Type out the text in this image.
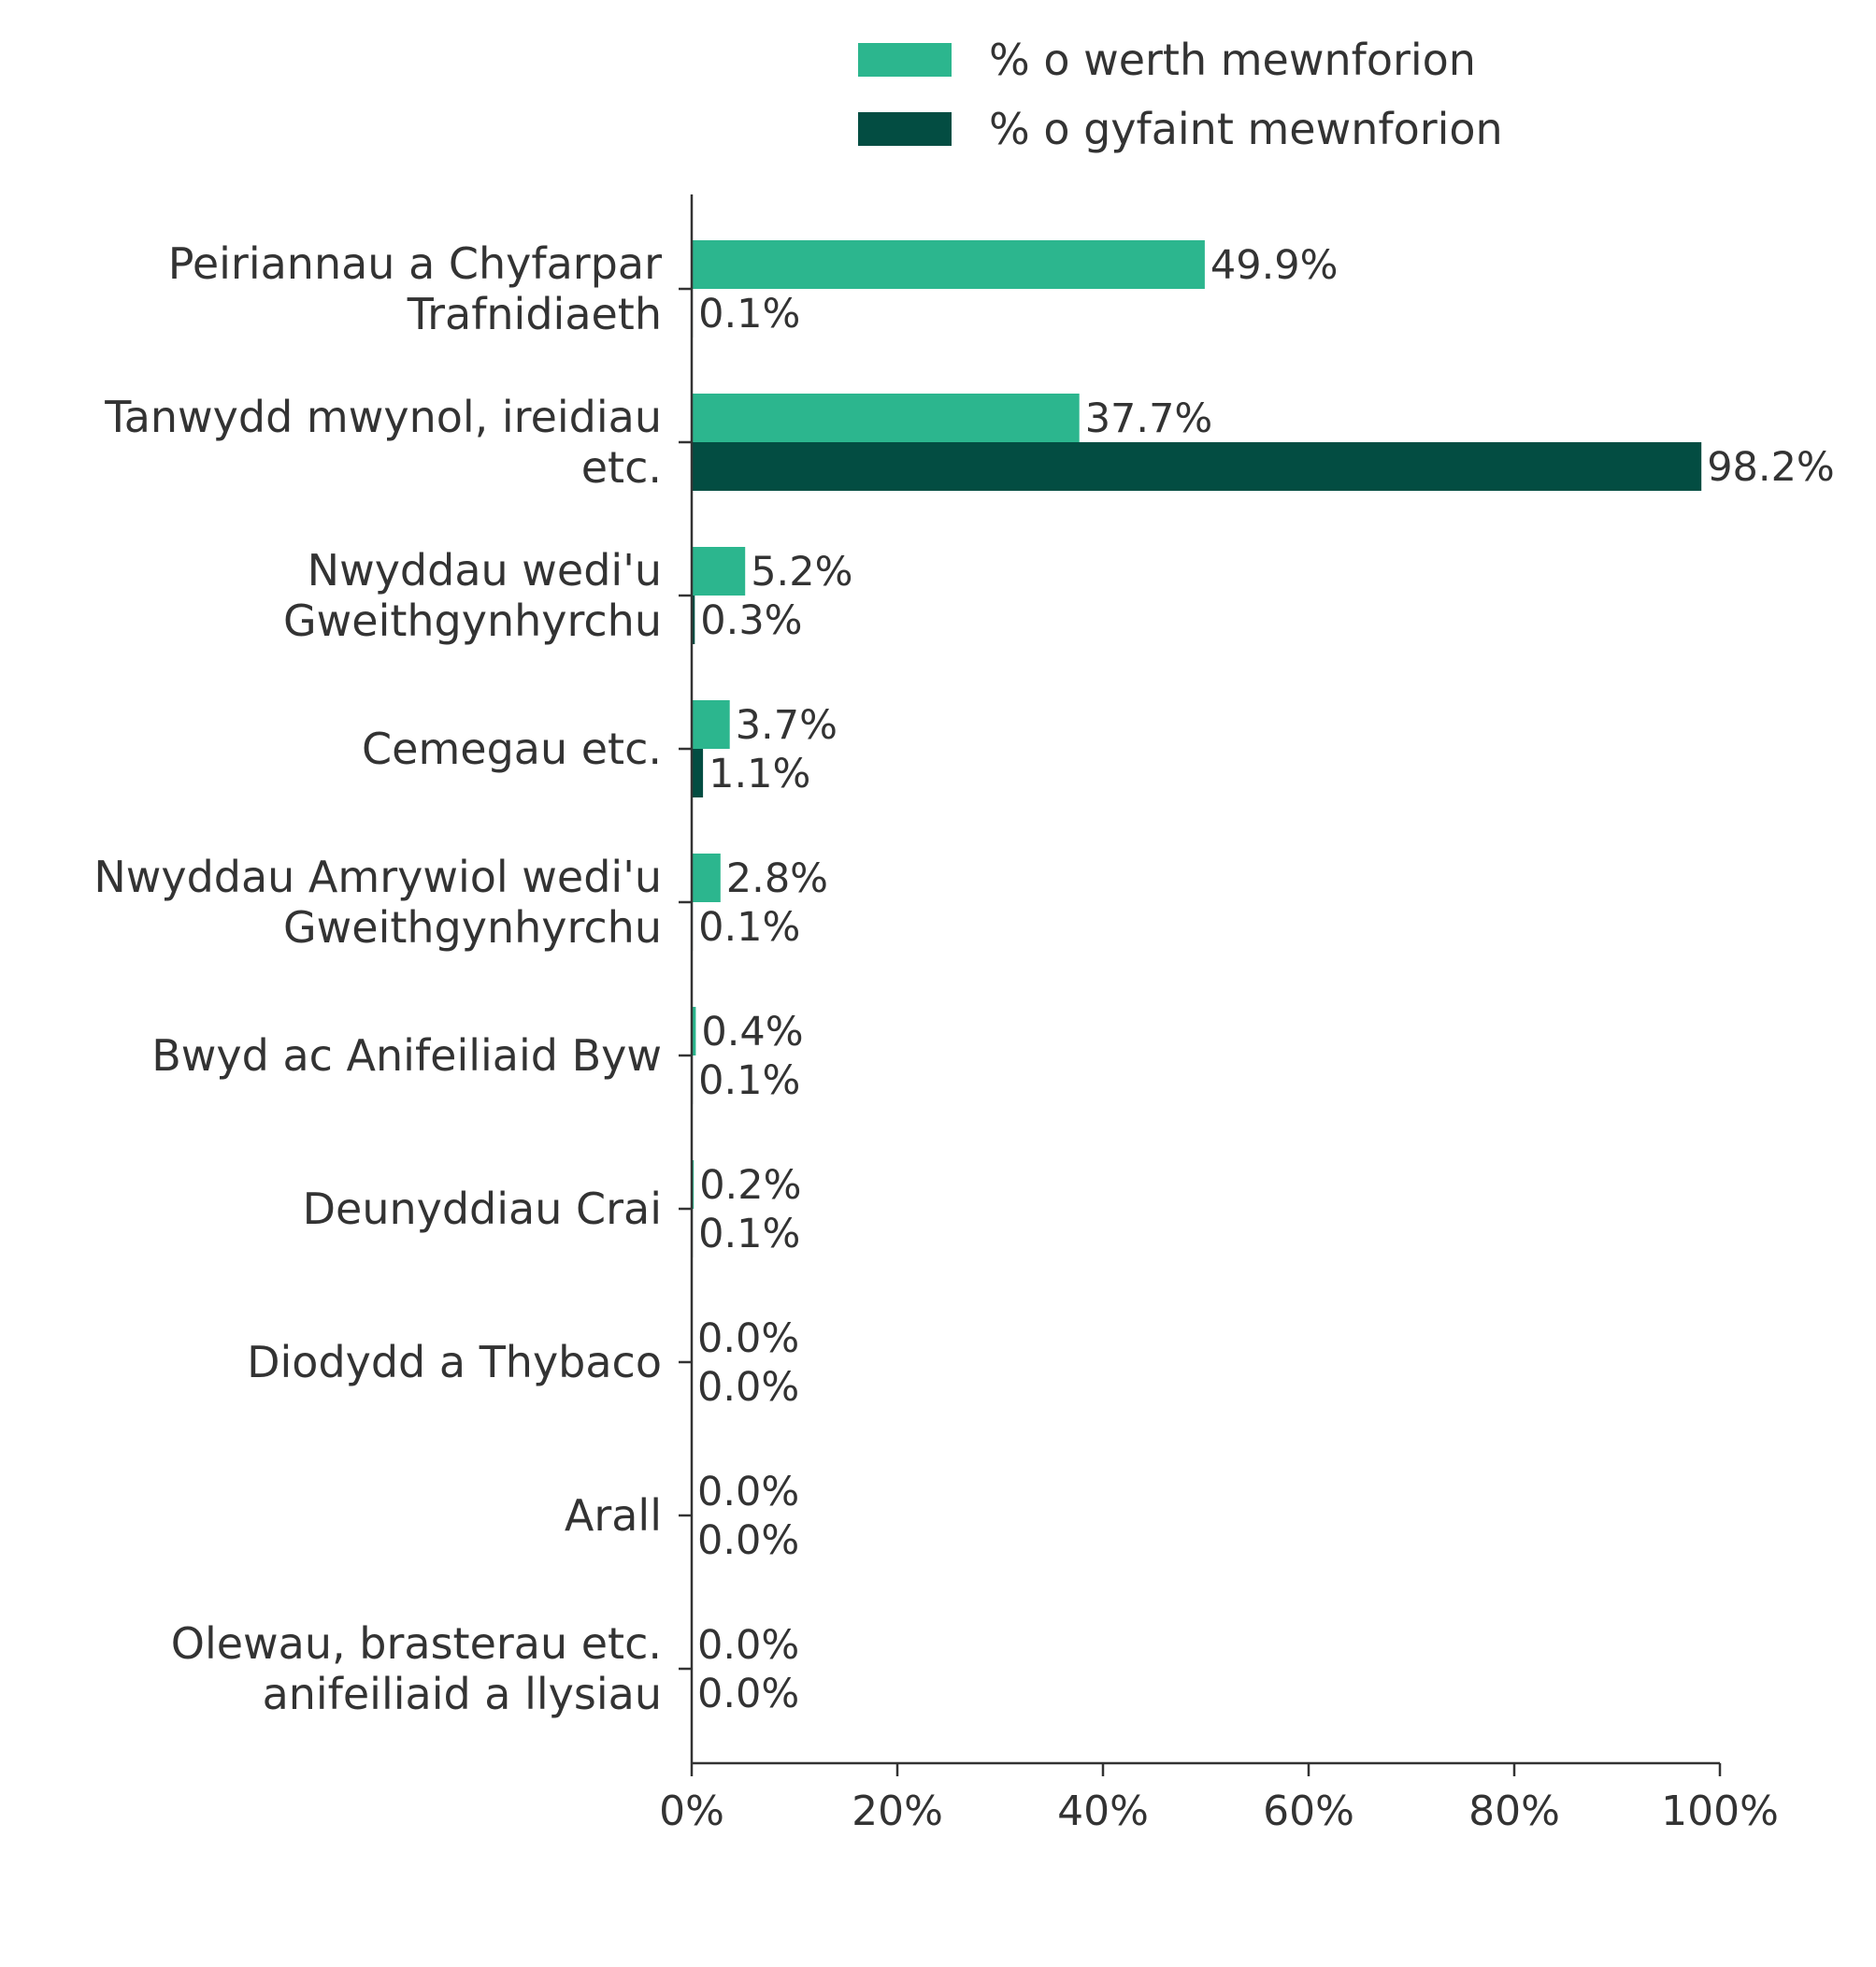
% o werth mewnforion
% o gyfaint mewnforion
49.9%
0.1%
37.7%
98.2%
5.2%
0.3%
3.7%
1.1%
2.8%
0.1%
0.4%
0.1%
0.2%
0.1%
0.0%
0.0%
0.0%
0.0%
0.0%
0.0%
Peiriannau a Chyfarpar
Trafnidiaeth
Tanwydd mwynol, ireidiau
etc.
Nwyddau wedi'u
Gweithgynhyrchu
Cemegau etc.
Nwyddau Amrywiol wedi'u
Gweithgynhyrchu
Bwyd ac Anifeiliaid Byw
Deunyddiau Crai
Diodydd a Thybaco
Arall
Olewau, brasterau etc.
anifeiliaid a llysiau
0%	20%	40%	60%	80% 100%
